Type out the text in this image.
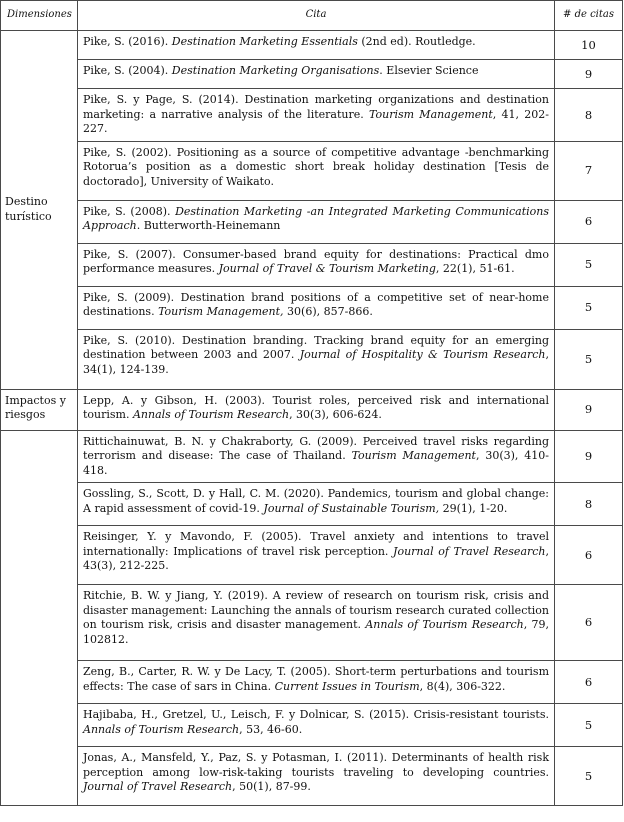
Dimensiones	Cita	# de citas
Destino turístico	Pike, S. (2016). Destination Marketing Essentials (2nd ed). Routledge.	10
	Pike, S. (2004). Destination Marketing Organisations. Elsevier Science	9
	Pike, S. y Page, S. (2014). Destination marketing organizations and destination marketing: a narrative analysis of the literature. Tourism Management, 41, 202-227.	8
	Pike, S. (2002). Positioning as a source of competitive advantage -benchmarking Rotorua’s position as a domestic short break holiday destination [Tesis de doctorado], University of Waikato.	7
	Pike, S. (2008). Destination Marketing -an Integrated Marketing Communications Approach. Butterworth-Heinemann	6
	Pike, S. (2007). Consumer-based brand equity for destinations: Practical dmo performance measures. Journal of Travel & Tourism Marketing, 22(1), 51-61.	5
	Pike, S. (2009). Destination brand positions of a competitive set of near-home destinations. Tourism Management, 30(6), 857-866.	5
	Pike, S. (2010). Destination branding. Tracking brand equity for an emerging destination between 2003 and 2007. Journal of Hospitality & Tourism Research, 34(1), 124-139.	5
Impactos y riesgos	Lepp, A. y Gibson, H. (2003). Tourist roles, perceived risk and international tourism. Annals of Tourism Research, 30(3), 606-624.	9
	Rittichainuwat, B. N. y Chakraborty, G. (2009). Perceived travel risks regarding terrorism and disease: The case of Thailand. Tourism Management, 30(3), 410-418.	9
	Gossling, S., Scott, D. y Hall, C. M. (2020). Pandemics, tourism and global change: A rapid assessment of covid-19. Journal of Sustainable Tourism, 29(1), 1-20.	8
	Reisinger, Y. y Mavondo, F. (2005). Travel anxiety and intentions to travel internationally: Implications of travel risk perception. Journal of Travel Research, 43(3), 212-225.	6
	Ritchie, B. W. y Jiang, Y. (2019). A review of research on tourism risk, crisis and disaster management: Launching the annals of tourism research curated collection on tourism risk, crisis and disaster management. Annals of Tourism Research, 79, 102812.	6
	Zeng, B., Carter, R. W. y De Lacy, T. (2005). Short-term perturbations and tourism effects: The case of sars in China. Current Issues in Tourism, 8(4), 306-322.	6
	Hajibaba, H., Gretzel, U., Leisch, F. y Dolnicar, S. (2015). Crisis-resistant tourists. Annals of Tourism Research, 53, 46-60.	5
	Jonas, A., Mansfeld, Y., Paz, S. y Potasman, I. (2011). Determinants of health risk perception among low-risk-taking tourists traveling to developing countries. Journal of Travel Research, 50(1), 87-99.	5
